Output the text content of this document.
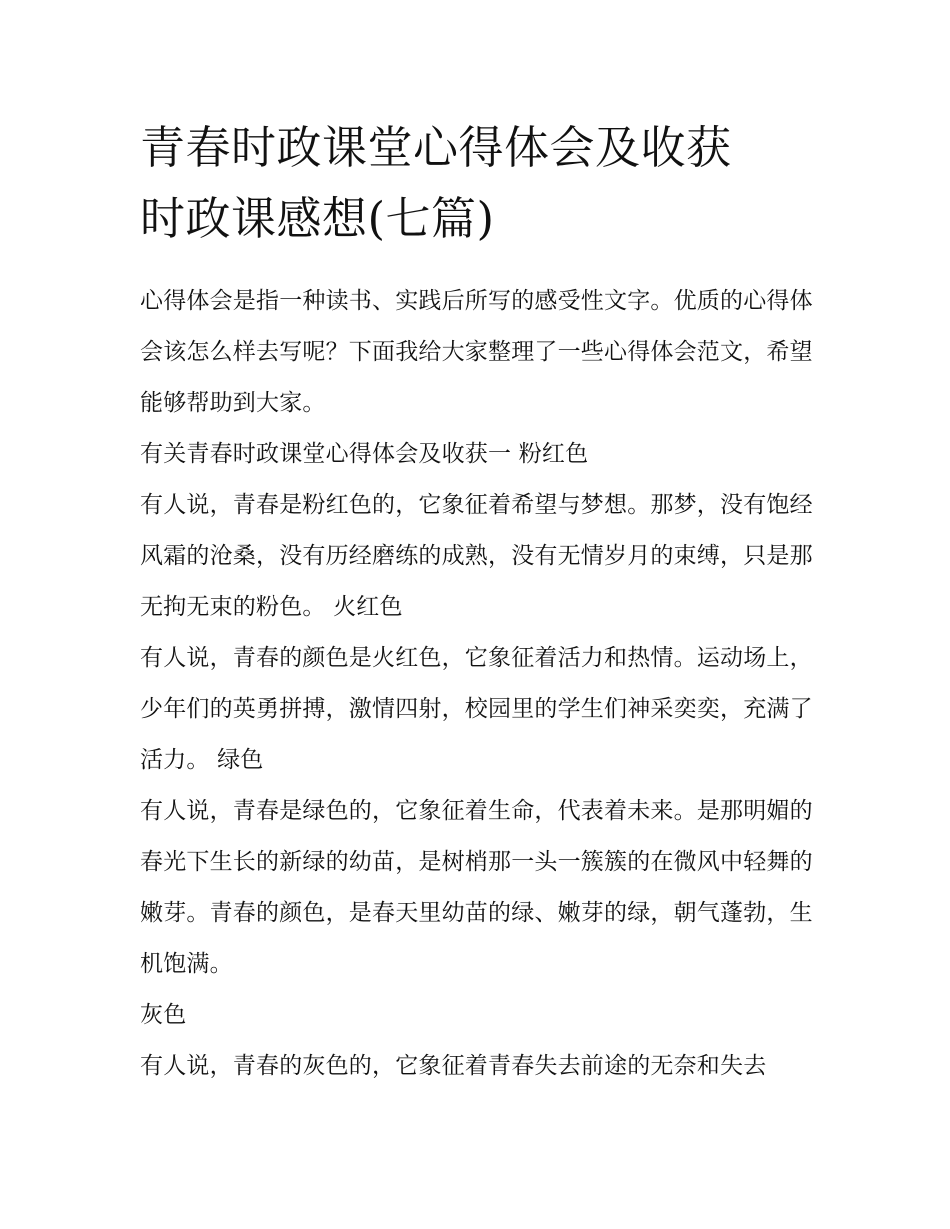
青春时政课堂心得体会及收获
时政课感想(七篇)

心得体会是指一种读书、实践后所写的感受性文字。优质的心得体会该怎么样去写呢？下面我给大家整理了一些心得体会范文，希望能够帮助到大家。

有关青春时政课堂心得体会及收获一 粉红色

有人说，青春是粉红色的，它象征着希望与梦想。那梦，没有饱经风霜的沧桑，没有历经磨练的成熟，没有无情岁月的束缚，只是那无拘无束的粉色。 火红色

有人说，青春的颜色是火红色，它象征着活力和热情。运动场上，少年们的英勇拼搏，激情四射，校园里的学生们神采奕奕，充满了活力。 绿色

有人说，青春是绿色的，它象征着生命，代表着未来。是那明媚的春光下生长的新绿的幼苗，是树梢那一头一簇簇的在微风中轻舞的嫩芽。青春的颜色，是春天里幼苗的绿、嫩芽的绿，朝气蓬勃，生机饱满。

灰色

有人说，青春的灰色的，它象征着青春失去前途的无奈和失去
